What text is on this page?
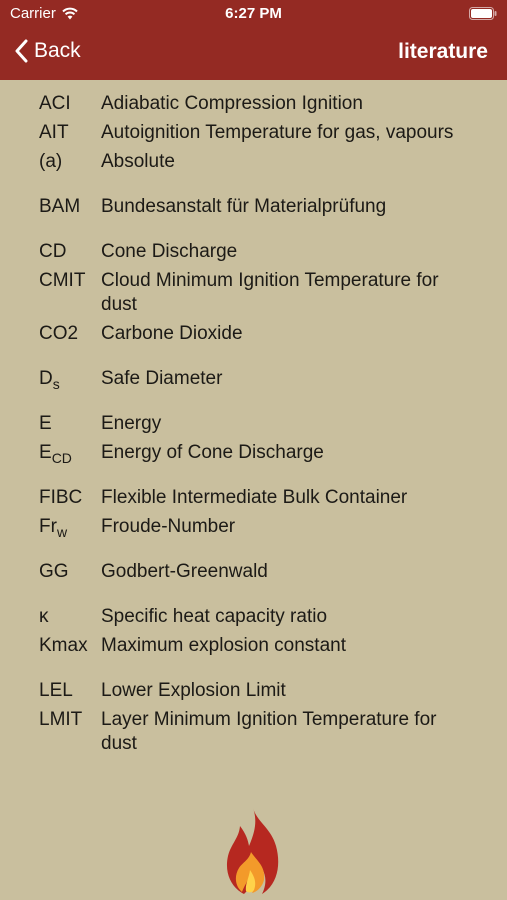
Carrier	6:27 PM
Back	literature
ACI	Adiabatic Compression Ignition
AIT	Autoignition Temperature for gas, vapours
(a)	Absolute
BAM	Bundesanstalt für Materialprüfung
CD	Cone Discharge
CMIT Cloud Minimum Ignition Temperature for dust
CO2	Carbone Dioxide
$D_s$	Safe Diameter
E	Energy
$E_{CD}$	Energy of Cone Discharge
FIBC Flexible Intermediate Bulk Container
$Fr_w$	Froude-Number
GG	Godbert-Greenwald
κ	Specific heat capacity ratio
Kmax Maximum explosion constant
LEL	Lower Explosion Limit
LMIT Layer Minimum Ignition Temperature for dust
